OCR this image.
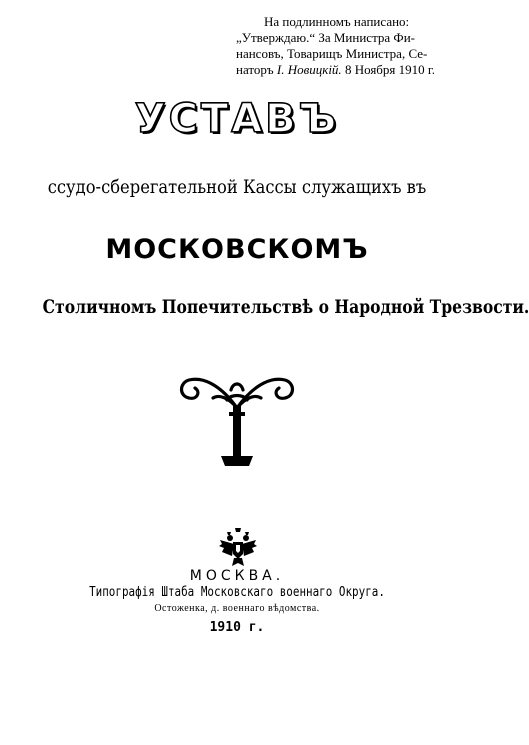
На подлинномъ написано:
„Утверждаю.“ За Министра Фи-
нансовъ, Товарищъ Министра, Се-
наторъ I. Новицкій. 8 Ноября 1910 г.
УСТАВЪ
ссудо-сберегательной Кассы служащихъ въ
МОСКОВСКОМЪ
Столичномъ Попечительствѣ о Народной Трезвости.
МОСКВА.
Типографія Штаба Московскаго военнаго Округа.
Остоженка, д. военнаго вѣдомства.
1910 г.
